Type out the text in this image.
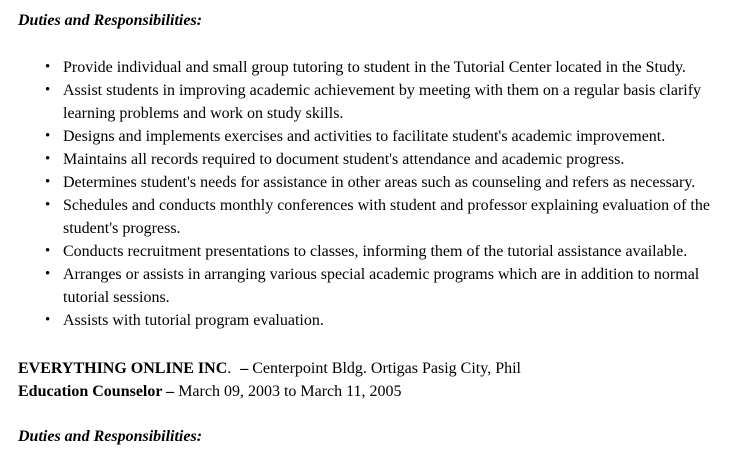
Duties and Responsibilities:
• Provide individual and small group tutoring to student in the Tutorial Center located in the Study.
• Assist students in improving academic achievement by meeting with them on a regular basis clarify learning problems and work on study skills.
• Designs and implements exercises and activities to facilitate student's academic improvement.
• Maintains all records required to document student's attendance and academic progress.
• Determines student's needs for assistance in other areas such as counseling and refers as necessary.
• Schedules and conducts monthly conferences with student and professor explaining evaluation of the student's progress.
• Conducts recruitment presentations to classes, informing them of the tutorial assistance available.
• Arranges or assists in arranging various special academic programs which are in addition to normal tutorial sessions.
• Assists with tutorial program evaluation.

EVERYTHING ONLINE INC. – Centerpoint Bldg. Ortigas Pasig City, Phil

Education Counselor – March 09, 2003 to March 11, 2005

Duties and Responsibilities:
